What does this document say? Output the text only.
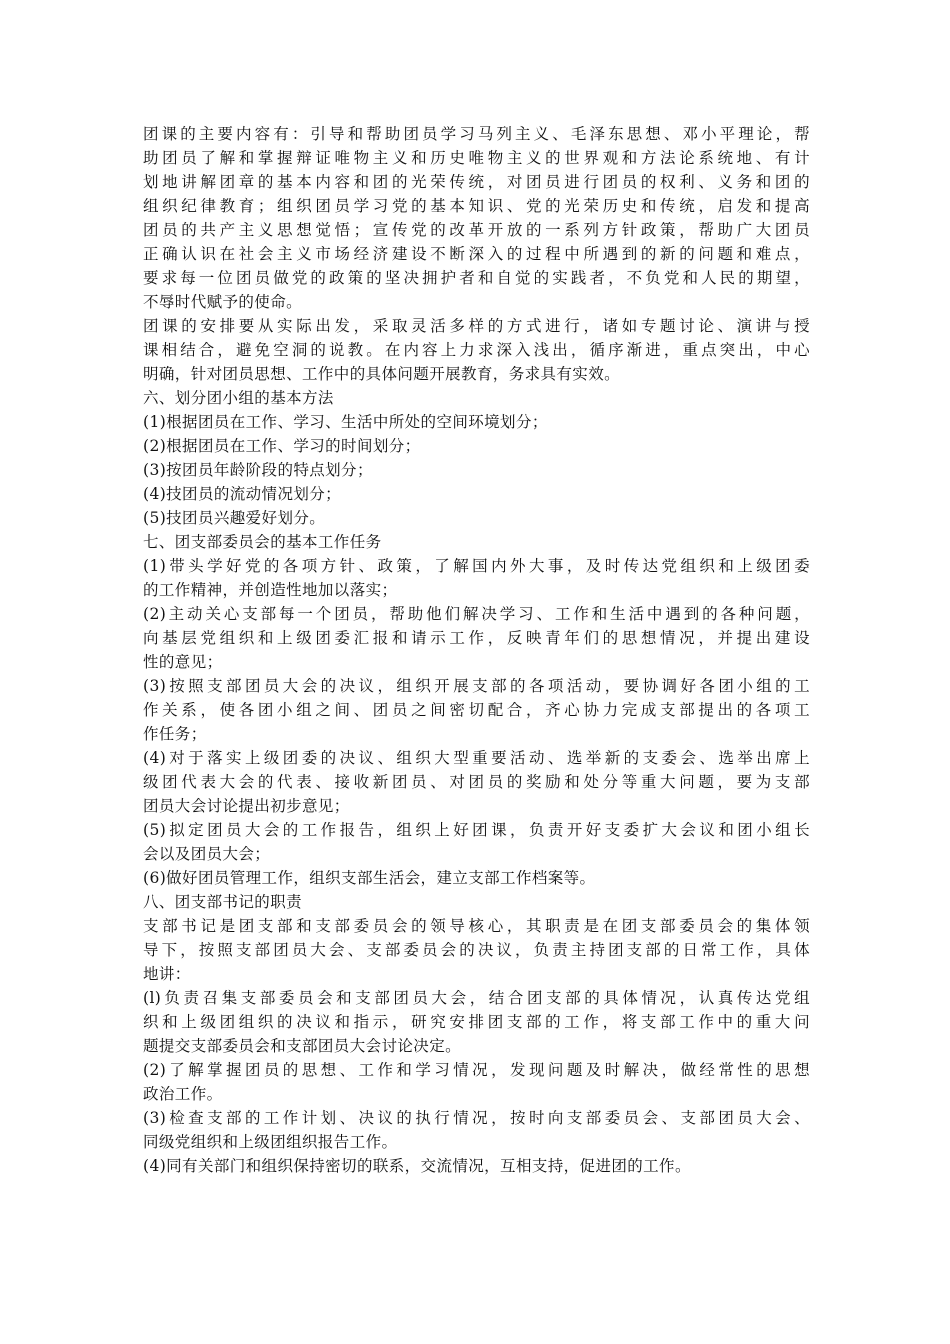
团课的主要内容有：引导和帮助团员学习马列主义、毛泽东思想、邓小平理论，帮
助团员了解和掌握辩证唯物主义和历史唯物主义的世界观和方法论系统地、有计
划地讲解团章的基本内容和团的光荣传统，对团员进行团员的权利、义务和团的
组织纪律教育；组织团员学习党的基本知识、党的光荣历史和传统，启发和提高
团员的共产主义思想觉悟；宣传党的改革开放的一系列方针政策，帮助广大团员
正确认识在社会主义市场经济建设不断深入的过程中所遇到的新的问题和难点，
要求每一位团员做党的政策的坚决拥护者和自觉的实践者，不负党和人民的期望，
不辱时代赋予的使命。
团课的安排要从实际出发，采取灵活多样的方式进行，诸如专题讨论、演讲与授
课相结合，避免空洞的说教。在内容上力求深入浅出，循序渐进，重点突出，中心
明确，针对团员思想、工作中的具体问题开展教育，务求具有实效。
六、划分团小组的基本方法
(1)根据团员在工作、学习、生活中所处的空间环境划分；
(2)根据团员在工作、学习的时间划分；
(3)按团员年龄阶段的特点划分；
(4)技团员的流动情况划分；
(5)技团员兴趣爱好划分。
七、团支部委员会的基本工作任务
(1)带头学好党的各项方针、政策，了解国内外大事，及时传达党组织和上级团委
的工作精神，并创造性地加以落实；
(2)主动关心支部每一个团员，帮助他们解决学习、工作和生活中遇到的各种问题，
向基层党组织和上级团委汇报和请示工作，反映青年们的思想情况，并提出建设
性的意见；
(3)按照支部团员大会的决议，组织开展支部的各项活动，要协调好各团小组的工
作关系，使各团小组之间、团员之间密切配合，齐心协力完成支部提出的各项工
作任务；
(4)对于落实上级团委的决议、组织大型重要活动、选举新的支委会、选举出席上
级团代表大会的代表、接收新团员、对团员的奖励和处分等重大问题，要为支部
团员大会讨论提出初步意见；
(5)拟定团员大会的工作报告，组织上好团课，负责开好支委扩大会议和团小组长
会以及团员大会；
(6)做好团员管理工作，组织支部生活会，建立支部工作档案等。
八、团支部书记的职责
支部书记是团支部和支部委员会的领导核心，其职责是在团支部委员会的集体领
导下，按照支部团员大会、支部委员会的决议，负责主持团支部的日常工作，具体
地讲：
(l)负责召集支部委员会和支部团员大会，结合团支部的具体情况，认真传达党组
织和上级团组织的决议和指示，研究安排团支部的工作，将支部工作中的重大问
题提交支部委员会和支部团员大会讨论决定。
(2)了解掌握团员的思想、工作和学习情况，发现问题及时解决，做经常性的思想
政治工作。
(3)检查支部的工作计划、决议的执行情况，按时向支部委员会、支部团员大会、
同级党组织和上级团组织报告工作。
(4)同有关部门和组织保持密切的联系，交流情况，互相支持，促进团的工作。
